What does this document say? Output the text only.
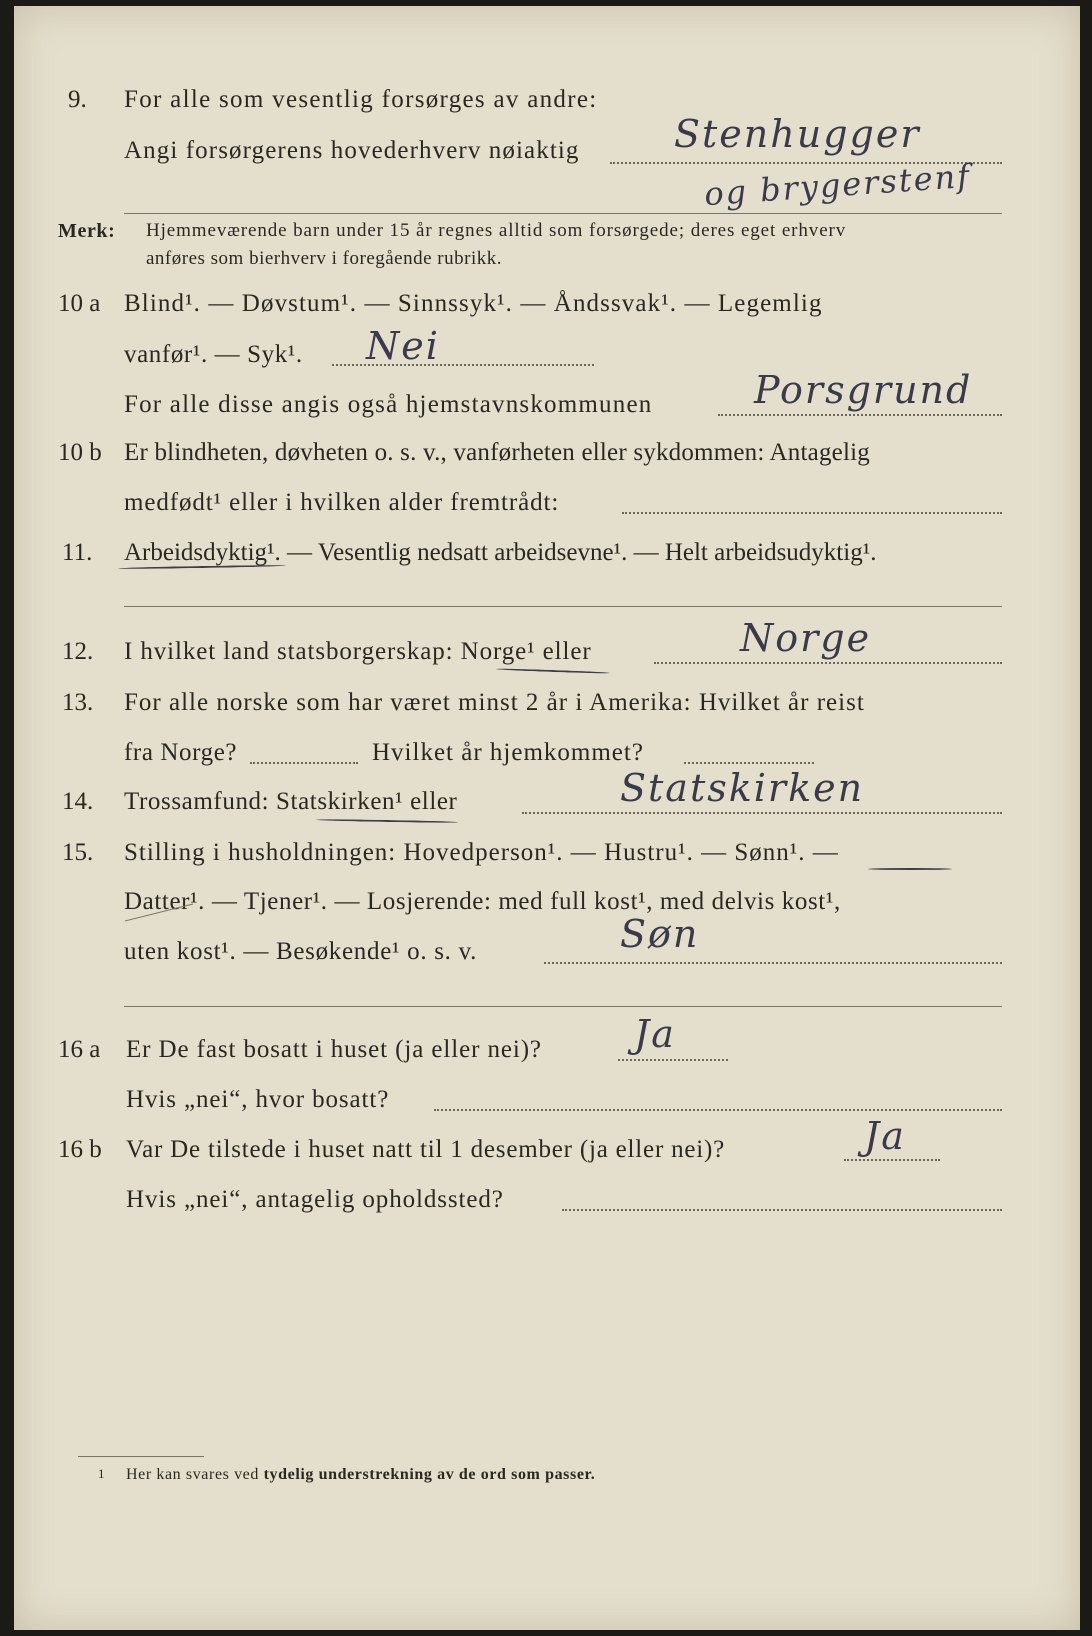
9. For alle som vesentlig forsørges av andre:
Angi forsørgerens hovederhverv nøiaktig Stenhugger
og brygerstenf
Merk: Hjemmeværende barn under 15 år regnes alltid som forsørgede; deres eget erhverv
anføres som bierhverv i foregående rubrikk.
10 a Blind¹. — Døvstum¹. — Sinnssyk¹. — Åndssvak¹. — Legemlig
vanfør¹. — Syk¹. Nei
For alle disse angis også hjemstavnskommunen	Porsgrund
10 b Er blindheten, døvheten o. s. v., vanførheten eller sykdommen: Antagelig
medfødt¹ eller i hvilken alder fremtrådt:
11. Arbeidsdyktig¹. — Vesentlig nedsatt arbeidsevne¹. — Helt arbeidsudyktig¹.
12. I hvilket land statsborgerskap: Norge¹ eller	Norge
13. For alle norske som har været minst 2 år i Amerika: Hvilket år reist
fra Norge?	Hvilket år hjemkommet?
14. Trossamfund: Statskirken¹ eller	Statskirken
15. Stilling i husholdningen: Hovedperson¹. — Hustru¹. — Sønn¹. —
Datter¹. — Tjener¹. — Losjerende: med full kost¹, med delvis kost¹,
uten kost¹. — Besøkende¹ o. s. v.	Søn
16 a Er De fast bosatt i huset (ja eller nei)? Ja
Hvis „nei“, hvor bosatt?
16 b Var De tilstede i huset natt til 1 desember (ja eller nei)?	Ja
Hvis „nei“, antagelig opholdssted?
1 Her kan svares ved tydelig understrekning av de ord som passer.
